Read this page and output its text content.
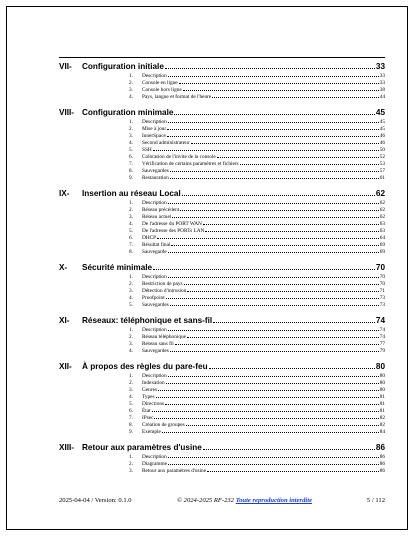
VII-	Configuration initiale	33
1.	Description	33
2.	Console en ligne	33
3.	Console hors ligne	38
4.	Pays, langue et format de l'heure	44
VIII- Configuration minimale	45
1.	Description	45
2.	Mise à jour	45
3.	InnerSpace	46
4.	Second administrateur	46
5.	SSH	50
6.	Coloration de l'invite de la console	52
7.	Vérification de certains paramètres et fichiers	53
8.	Sauvegardes	57
9.	Restauration	61
IX-	Insertion au réseau Local	62
1.	Description	62
2.	Réseau précédent	62
3.	Réseau actuel	62
4.	De l'adresse du PORT WAN	63
5.	De l'adresse des PORTs LAN	63
6.	DHCP	64
7.	Résultat final	69
8.	Sauvegarde	69
X-	Sécurité minimale	70
1.	Description	70
2.	Restriction de pays	70
3.	Détection d'intrusion	71
4.	Proofpoint	73
5.	Sauvegardes	73
XI-	Réseaux: téléphonique et sans-fil	74
1.	Description	74
2.	Réseau téléphonique	74
3.	Réseau sans fil	77
4.	Sauvegardes	79
XII-	À propos des règles du pare-feu	80
1.	Description	80
2.	Indexation	80
3.	Genres	80
4.	Types	81
5.	Directions	81
6.	État	81
7.	IPsec	82
8.	Création de groupes	82
9.	Exemple	84
XIII- Retour aux paramètres d'usine	86
1.	Description	86
2.	Diagramme	86
3.	Retour aux paramètres d'usine	86
2025-04-04 / Version: 0.1.0	© 2024-2025 RF-232 Toute reproduction interdite	5 / 112
